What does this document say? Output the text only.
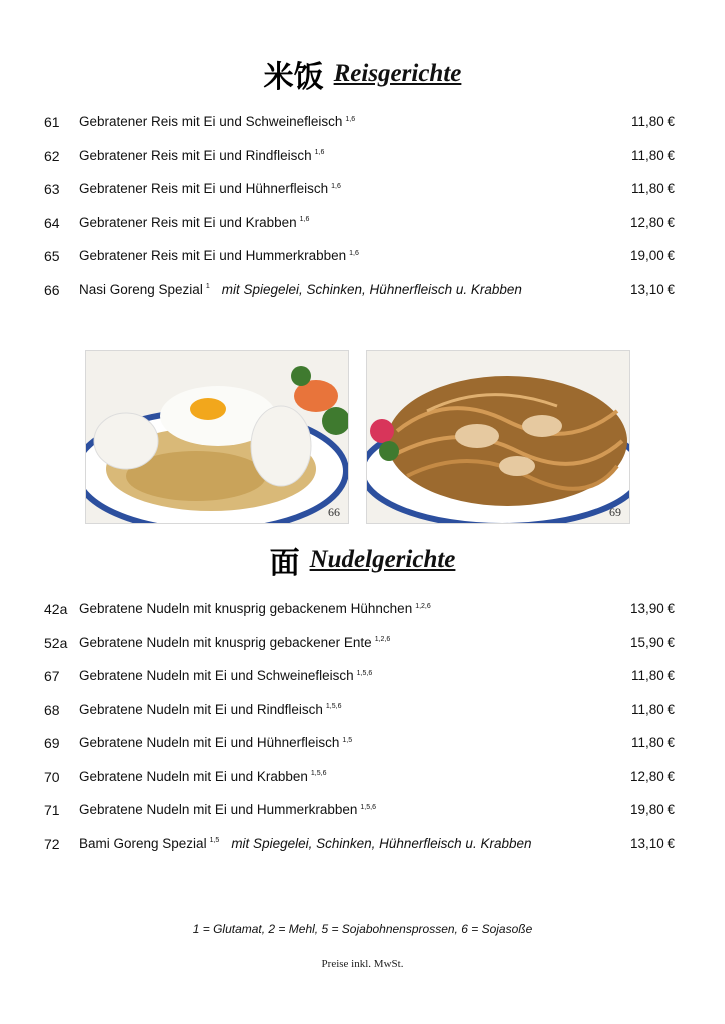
米饭 Reisgerichte
61 Gebratener Reis mit Ei und Schweinefleisch $^{1,6}$	11,80 €
62 Gebratener Reis mit Ei und Rindfleisch $^{1,6}$	11,80 €
63 Gebratener Reis mit Ei und Hühnerfleisch $^{1,6}$	11,80 €
64 Gebratener Reis mit Ei und Krabben $^{1,6}$	12,80 €
65 Gebratener Reis mit Ei und Hummerkrabben $^{1,6}$	19,00 €
66 Nasi Goreng Spezial $^1$ mit Spiegelei, Schinken, Hühnerfleisch u. Krabben	13,10 €
66	69
面 Nudelgerichte
42a Gebratene Nudeln mit knusprig gebackenem Hühnchen $^{1,2,6}$	13,90 €
52a Gebratene Nudeln mit knusprig gebackener Ente $^{1,2,6}$	15,90 €
67 Gebratene Nudeln mit Ei und Schweinefleisch $^{1,5,6}$	11,80 €
68 Gebratene Nudeln mit Ei und Rindfleisch $^{1,5,6}$	11,80 €
69 Gebratene Nudeln mit Ei und Hühnerfleisch $^{1,5}$	11,80 €
70 Gebratene Nudeln mit Ei und Krabben $^{1,5,6}$	12,80 €
71 Gebratene Nudeln mit Ei und Hummerkrabben $^{1,5,6}$	19,80 €
72 Bami Goreng Spezial $^{1,5}$ mit Spiegelei, Schinken, Hühnerfleisch u. Krabben	13,10 €
1 = Glutamat, 2 = Mehl, 5 = Sojabohnensprossen, 6 = Sojasoße
Preise inkl. MwSt.
